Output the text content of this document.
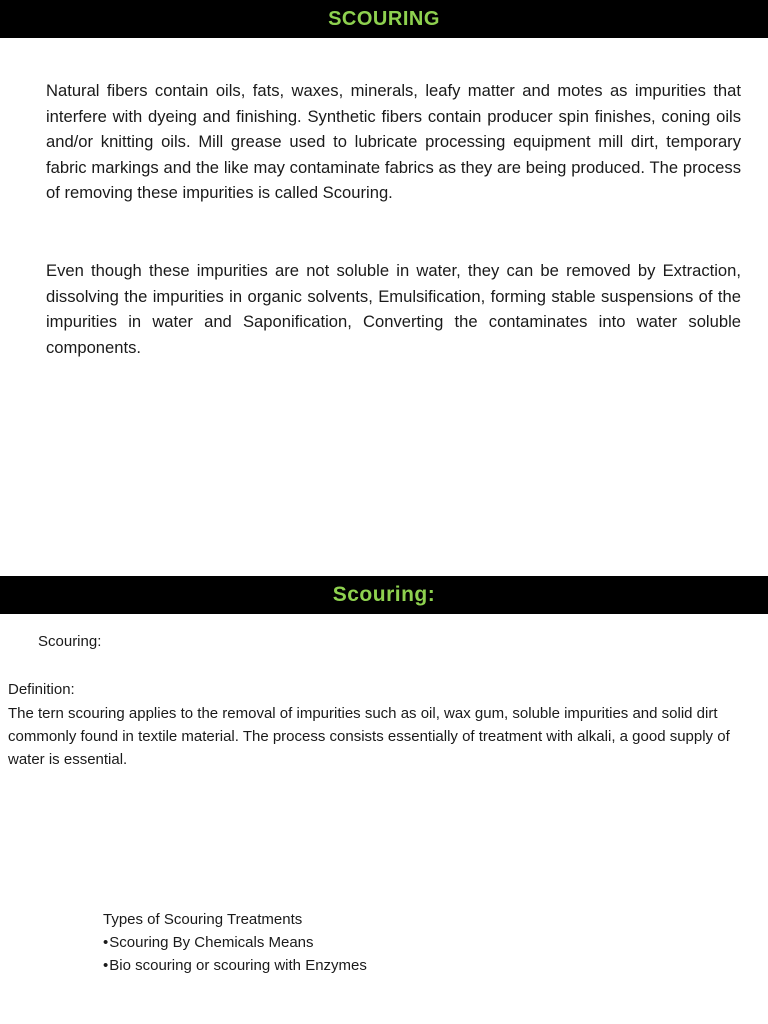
SCOURING

Natural fibers contain oils, fats, waxes, minerals, leafy matter and motes as impurities that interfere with dyeing and finishing. Synthetic fibers contain producer spin finishes, coning oils and/or knitting oils. Mill grease used to lubricate processing equipment mill dirt, temporary fabric markings and the like may contaminate fabrics as they are being produced. The process of removing these impurities is called Scouring.

Even though these impurities are not soluble in water, they can be removed by Extraction, dissolving the impurities in organic solvents, Emulsification, forming stable suspensions of the impurities in water and Saponification, Converting the contaminates into water soluble components.

Scouring:

Scouring:

Definition:

The tern scouring applies to the removal of impurities such as oil, wax gum, soluble impurities and solid dirt commonly found in textile material. The process consists essentially of treatment with alkali, a good supply of water is essential.

Types of Scouring Treatments
• Scouring By Chemicals Means
• Bio scouring or scouring with Enzymes
